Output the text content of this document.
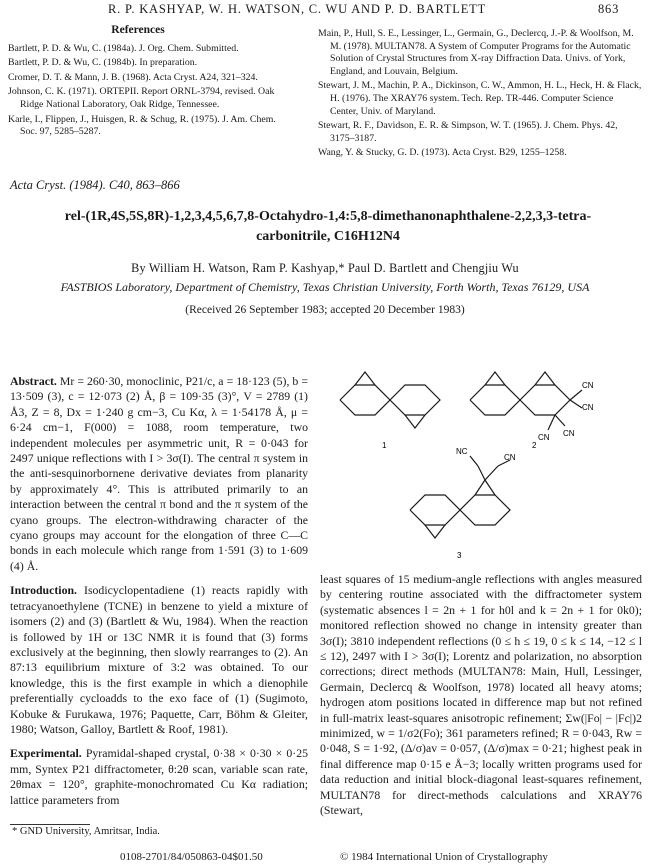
R. P. KASHYAP, W. H. WATSON, C. WU AND P. D. BARTLETT	863
References

Bartlett, P. D. & Wu, C. (1984a). J. Org. Chem. Submitted.

Bartlett, P. D. & Wu, C. (1984b). In preparation.

Cromer, D. T. & Mann, J. B. (1968). Acta Cryst. A24, 321–324.

Johnson, C. K. (1971). ORTEPII. Report ORNL-3794, revised. Oak Ridge National Laboratory, Oak Ridge, Tennessee.

Karle, I., Flippen, J., Huisgen, R. & Schug, R. (1975). J. Am. Chem. Soc. 97, 5285–5287.

Main, P., Hull, S. E., Lessinger, L., Germain, G., Declercq, J.-P. & Woolfson, M. M. (1978). MULTAN78. A System of Computer Programs for the Automatic Solution of Crystal Structures from X-ray Diffraction Data. Univs. of York, England, and Louvain, Belgium.

Stewart, J. M., Machin, P. A., Dickinson, C. W., Ammon, H. L., Heck, H. & Flack, H. (1976). The XRAY76 system. Tech. Rep. TR-446. Computer Science Center, Univ. of Maryland.

Stewart, R. F., Davidson, E. R. & Simpson, W. T. (1965). J. Chem. Phys. 42, 3175–3187.

Wang, Y. & Stucky, G. D. (1973). Acta Cryst. B29, 1255–1258.

Acta Cryst. (1984). C40, 863–866
rel-(1R,4S,5S,8R)-1,2,3,4,5,6,7,8-Octahydro-1,4:5,8-dimethanonaphthalene-2,2,3,3-tetra-
carbonitrile, C16H12N4
By William H. Watson, Ram P. Kashyap,* Paul D. Bartlett and Chengjiu Wu
FASTBIOS Laboratory, Department of Chemistry, Texas Christian University, Forth Worth, Texas 76129, USA
(Received 26 September 1983; accepted 20 December 1983)

Abstract. Mr = 260·30, monoclinic, P21/c, a = 18·123 (5), b = 13·509 (3), c = 12·073 (2) Å, β = 109·35 (3)°, V = 2789 (1) Å3, Z = 8, Dx = 1·240 g cm−3, Cu Kα, λ = 1·54178 Å, μ = 6·24 cm−1, F(000) = 1088, room temperature, two independent molecules per asymmetric unit, R = 0·043 for 2497 unique reflections with I > 3σ(I). The central π system in the anti-sesquinorbornene derivative deviates from planarity by approximately 4°. This is attributed primarily to an interaction between the central π bond and the π system of the cyano groups. The electron-withdrawing character of the cyano groups may account for the elongation of three C—C bonds in each molecule which range from 1·591 (3) to 1·609 (4) Å.

Introduction. Isodicyclopentadiene (1) reacts rapidly with tetracyanoethylene (TCNE) in benzene to yield a mixture of isomers (2) and (3) (Bartlett & Wu, 1984). When the reaction is followed by 1H or 13C NMR it is found that (3) forms exclusively at the beginning, then slowly rearranges to (2). An 87:13 equilibrium mixture of 3:2 was obtained. To our knowledge, this is the first example in which a dienophile preferentially cycloadds to the exo face of (1) (Sugimoto, Kobuke & Furukawa, 1976; Paquette, Carr, Böhm & Gleiter, 1980; Watson, Galloy, Bartlett & Roof, 1981).

Experimental. Pyramidal-shaped crystal, 0·38 × 0·30 × 0·25 mm, Syntex P21 diffractometer, θ:2θ scan, variable scan rate, 2θmax = 120°, graphite-monochromated Cu Kα radiation; lattice parameters from

CN
CN
CN
CN
NC
CN
1	2
3

least squares of 15 medium-angle reflections with angles measured by centering routine associated with the diffractometer system (systematic absences l = 2n + 1 for h0l and k = 2n + 1 for 0k0); monitored reflection showed no change in intensity greater than 3σ(I); 3810 independent reflections (0 ≤ h ≤ 19, 0 ≤ k ≤ 14, −12 ≤ l ≤ 12), 2497 with I > 3σ(I); Lorentz and polarization, no absorption corrections; direct methods (MULTAN78: Main, Hull, Lessinger, Germain, Declercq & Woolfson, 1978) located all heavy atoms; hydrogen atom positions located in difference map but not refined in full-matrix least-squares anisotropic refinement; Σw(|Fo| − |Fc|)2 minimized, w = 1/σ2(Fo); 361 parameters refined; R = 0·043, Rw = 0·048, S = 1·92, (Δ/σ)av = 0·057, (Δ/σ)max = 0·21; highest peak in final difference map 0·15 e Å−3; locally written programs used for data reduction and initial block-diagonal least-squares refinement, MULTAN78 for direct-methods calculations and XRAY76 (Stewart,

* GND University, Amritsar, India.
0108-2701/84/050863-04$01.50	© 1984 International Union of Crystallography
